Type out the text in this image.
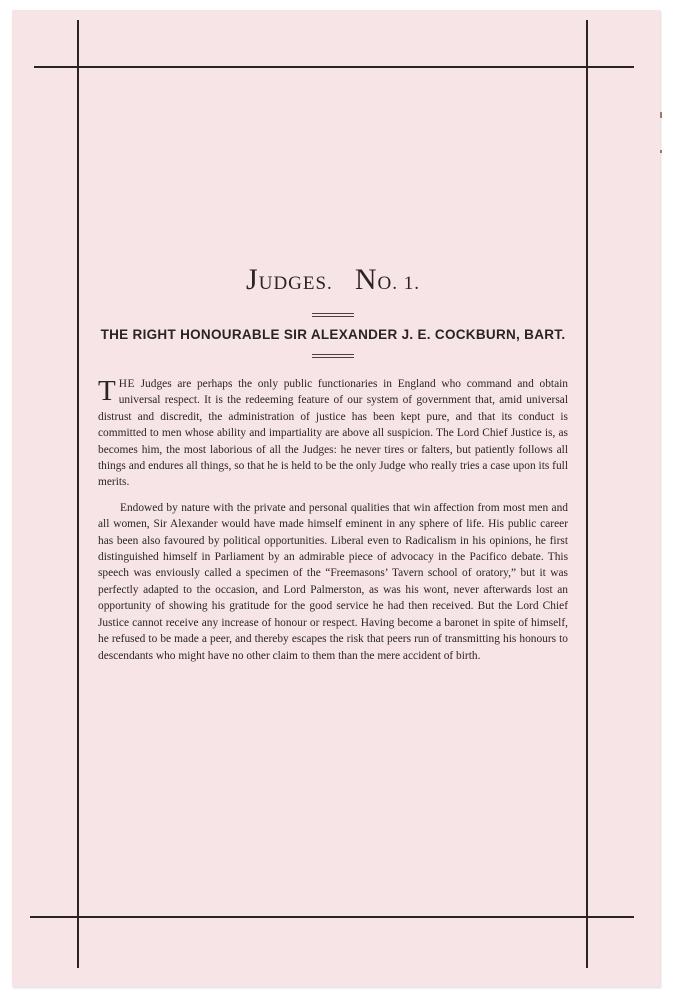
JUDGES. NO. 1.
THE RIGHT HONOURABLE SIR ALEXANDER J. E. COCKBURN, BART.

THE Judges are perhaps the only public functionaries in England who command and obtain universal respect. It is the redeeming feature of our system of government that, amid universal distrust and discredit, the administration of justice has been kept pure, and that its conduct is committed to men whose ability and impartiality are above all suspicion. The Lord Chief Justice is, as becomes him, the most laborious of all the Judges: he never tires or falters, but patiently follows all things and endures all things, so that he is held to be the only Judge who really tries a case upon its full merits.

Endowed by nature with the private and personal qualities that win affection from most men and all women, Sir Alexander would have made himself eminent in any sphere of life. His public career has been also favoured by political opportunities. Liberal even to Radicalism in his opinions, he first distinguished himself in Parliament by an admirable piece of advocacy in the Pacifico debate. This speech was enviously called a specimen of the “Freemasons’ Tavern school of oratory,” but it was perfectly adapted to the occasion, and Lord Palmerston, as was his wont, never afterwards lost an opportunity of showing his gratitude for the good service he had then received. But the Lord Chief Justice cannot receive any increase of honour or respect. Having become a baronet in spite of himself, he refused to be made a peer, and thereby escapes the risk that peers run of transmitting his honours to descendants who might have no other claim to them than the mere accident of birth.
